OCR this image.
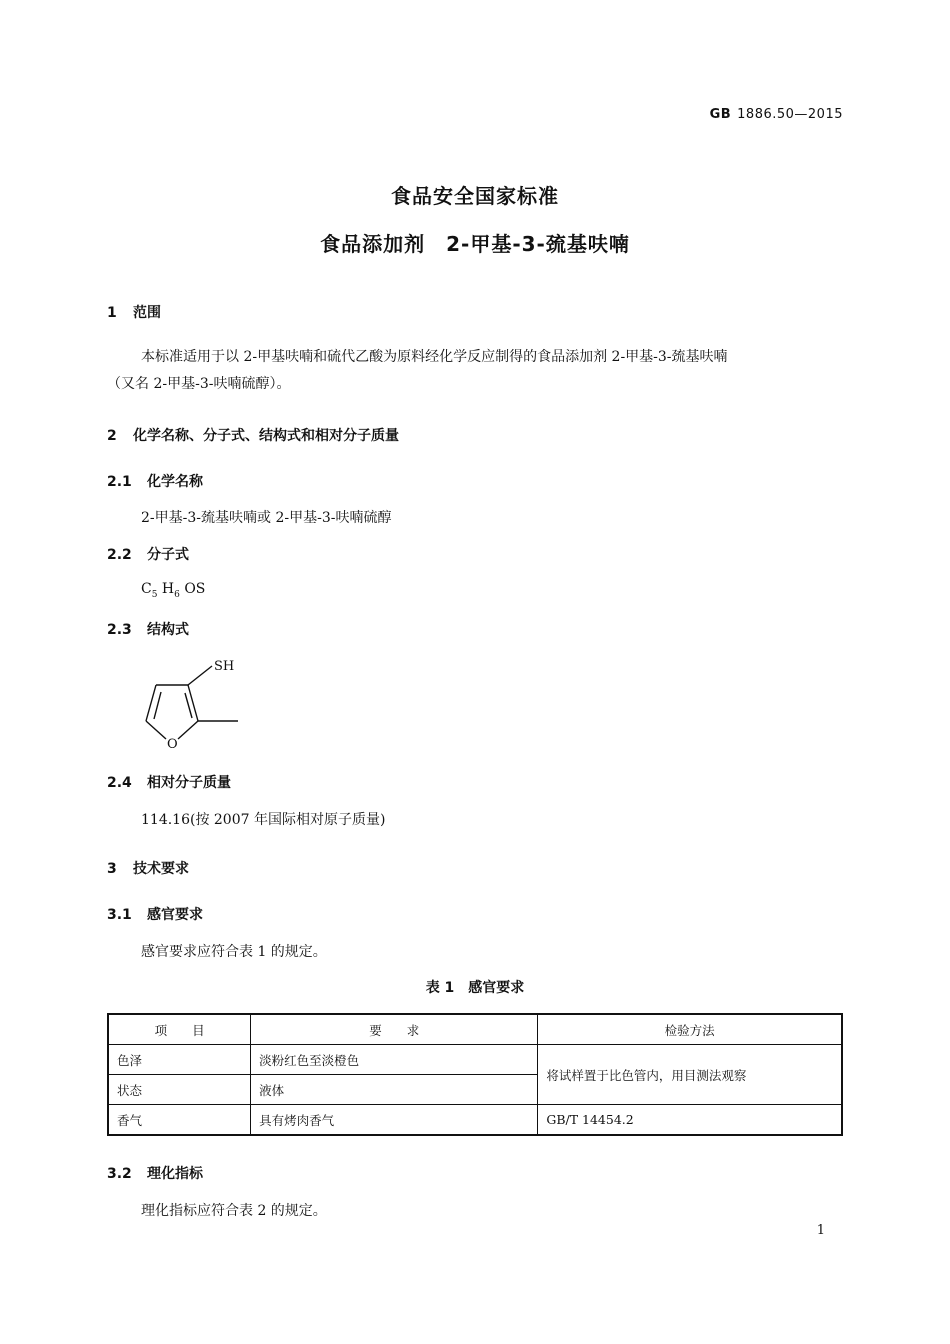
GB 1886.50—2015
食品安全国家标准
食品添加剂　2-甲基-3-巯基呋喃
1 范围
本标准适用于以 2-甲基呋喃和硫代乙酸为原料经化学反应制得的食品添加剂 2-甲基-3-巯基呋喃
（又名 2-甲基-3-呋喃硫醇）。
2 化学名称、分子式、结构式和相对分子质量
2.1 化学名称
2-甲基-3-巯基呋喃或 2-甲基-3-呋喃硫醇
2.2 分子式
$C_5$ $H_6$ OS
2.3 结构式
SH
O
2.4 相对分子质量
114.16(按 2007 年国际相对原子质量)
3 技术要求
3.1 感官要求
感官要求应符合表 1 的规定。
表 1　感官要求
项　　目	要　　求	检验方法
色泽	淡粉红色至淡橙色	将试样置于比色管内，用目测法观察
状态	液体	
香气	具有烤肉香气	GB/T 14454.2
3.2 理化指标
理化指标应符合表 2 的规定。
1
